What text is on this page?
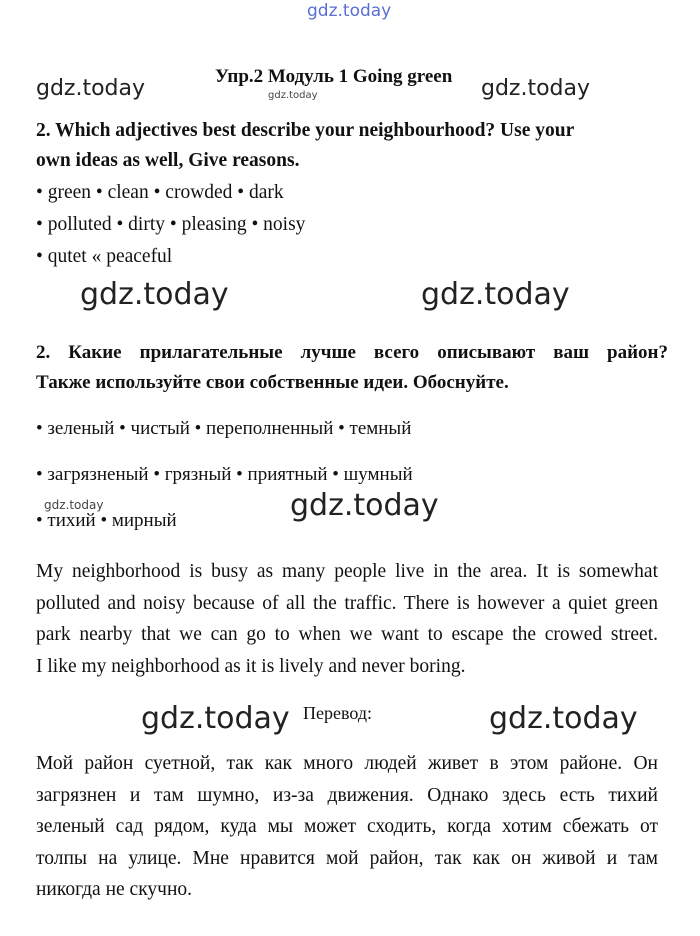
gdz.today
gdz.today	gdz.today
gdz.today
gdz.today	gdz.today
gdz.today	gdz.today
gdz.today	gdz.today
Упр.2 Модуль 1 Going green
2. Which adjectives best describe your neighbourhood? Use your
own ideas as well, Give reasons.
• green • clean • crowded • dark
• polluted • dirty • pleasing • noisy
• qutet « peaceful
2. Какие прилагательные лучше всего описывают ваш район?
Также используйте свои собственные идеи. Обоснуйте.
• зеленый • чистый • переполненный • темный
• загрязненый • грязный • приятный • шумный
• тихий • мирный
My neighborhood is busy as many people live in the area. It is somewhat
polluted and noisy because of all the traffic. There is however a quiet green
park nearby that we can go to when we want to escape the crowed street.
I like my neighborhood as it is lively and never boring.
Перевод:
Мой район суетной, так как много людей живет в этом районе. Он
загрязнен и там шумно, из-за движения. Однако здесь есть тихий
зеленый сад рядом, куда мы может сходить, когда хотим сбежать от
толпы на улице. Мне нравится мой район, так как он живой и там
никогда не скучно.
